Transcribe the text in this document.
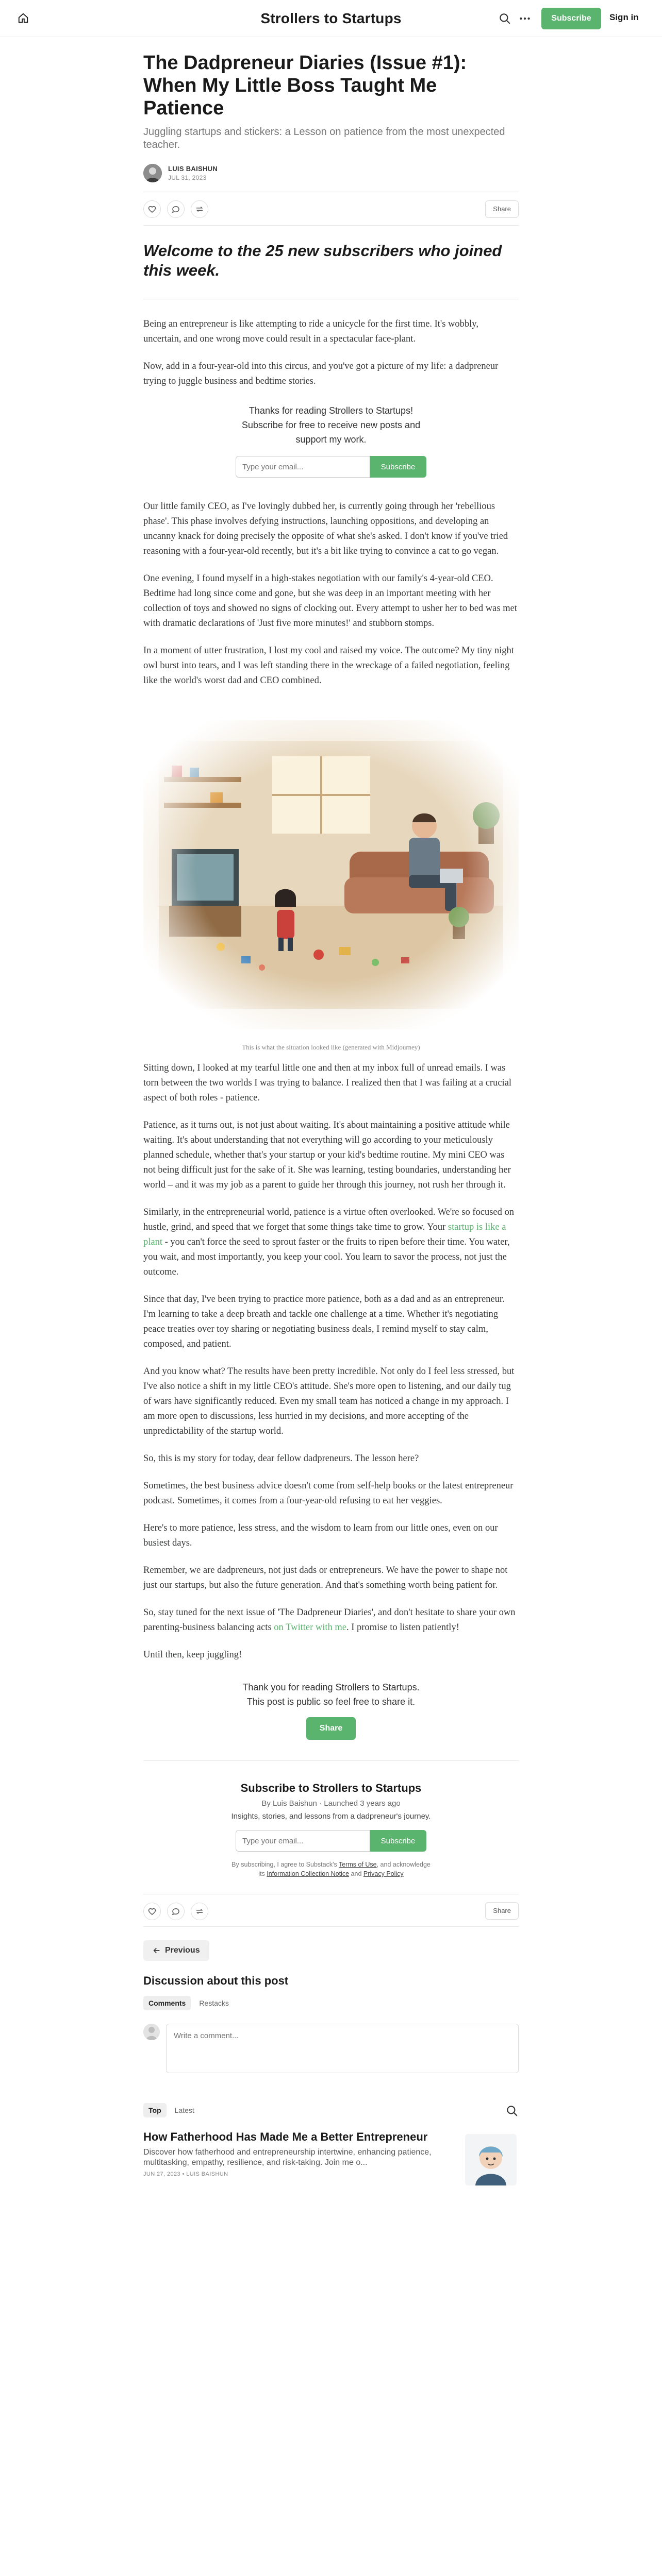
Strollers to Startups	Subscribe	Sign in
The Dadpreneur Diaries (Issue #1): When My Little Boss Taught Me Patience
Juggling startups and stickers: a Lesson on patience from the most unexpected teacher.
LUIS BAISHUN
JUL 31, 2023
Share
Welcome to the 25 new subscribers who joined this week.

Being an entrepreneur is like attempting to ride a unicycle for the first time. It's wobbly, uncertain, and one wrong move could result in a spectacular face-plant.

Now, add in a four-year-old into this circus, and you've got a picture of my life: a dadpreneur trying to juggle business and bedtime stories.

Thanks for reading Strollers to Startups! Subscribe for free to receive new posts and support my work.
Type your email...
Subscribe

Our little family CEO, as I've lovingly dubbed her, is currently going through her 'rebellious phase'. This phase involves defying instructions, launching oppositions, and developing an uncanny knack for doing precisely the opposite of what she's asked. I don't know if you've tried reasoning with a four-year-old recently, but it's a bit like trying to convince a cat to go vegan.

One evening, I found myself in a high-stakes negotiation with our family's 4-year-old CEO. Bedtime had long since come and gone, but she was deep in an important meeting with her collection of toys and showed no signs of clocking out. Every attempt to usher her to bed was met with dramatic declarations of 'Just five more minutes!' and stubborn stomps.

In a moment of utter frustration, I lost my cool and raised my voice. The outcome? My tiny night owl burst into tears, and I was left standing there in the wreckage of a failed negotiation, feeling like the world's worst dad and CEO combined.

This is what the situation looked like (generated with Midjourney)

Sitting down, I looked at my tearful little one and then at my inbox full of unread emails. I was torn between the two worlds I was trying to balance. I realized then that I was failing at a crucial aspect of both roles - patience.

Patience, as it turns out, is not just about waiting. It's about maintaining a positive attitude while waiting. It's about understanding that not everything will go according to your meticulously planned schedule, whether that's your startup or your kid's bedtime routine. My mini CEO was not being difficult just for the sake of it. She was learning, testing boundaries, understanding her world – and it was my job as a parent to guide her through this journey, not rush her through it.

Similarly, in the entrepreneurial world, patience is a virtue often overlooked. We're so focused on hustle, grind, and speed that we forget that some things take time to grow. Your startup is like a plant - you can't force the seed to sprout faster or the fruits to ripen before their time. You water, you wait, and most importantly, you keep your cool. You learn to savor the process, not just the outcome.

Since that day, I've been trying to practice more patience, both as a dad and as an entrepreneur. I'm learning to take a deep breath and tackle one challenge at a time. Whether it's negotiating peace treaties over toy sharing or negotiating business deals, I remind myself to stay calm, composed, and patient.

And you know what? The results have been pretty incredible. Not only do I feel less stressed, but I've also notice a shift in my little CEO's attitude. She's more open to listening, and our daily tug of wars have significantly reduced. Even my small team has noticed a change in my approach. I am more open to discussions, less hurried in my decisions, and more accepting of the unpredictability of the startup world.

So, this is my story for today, dear fellow dadpreneurs. The lesson here?

Sometimes, the best business advice doesn't come from self-help books or the latest entrepreneur podcast. Sometimes, it comes from a four-year-old refusing to eat her veggies.

Here's to more patience, less stress, and the wisdom to learn from our little ones, even on our busiest days.

Remember, we are dadpreneurs, not just dads or entrepreneurs. We have the power to shape not just our startups, but also the future generation. And that's something worth being patient for.

So, stay tuned for the next issue of 'The Dadpreneur Diaries', and don't hesitate to share your own parenting-business balancing acts on Twitter with me. I promise to listen patiently!

Until then, keep juggling!

Thank you for reading Strollers to Startups. This post is public so feel free to share it.
Share
Subscribe to Strollers to Startups
By Luis Baishun · Launched 3 years ago
Insights, stories, and lessons from a dadpreneur's journey.
Type your email...
Subscribe
By subscribing, I agree to Substack's Terms of Use, and acknowledge its Information Collection Notice and Privacy Policy
Share
Previous
Discussion about this post
Comments	Restacks
Write a comment...
Top	Latest
How Fatherhood Has Made Me a Better Entrepreneur
Discover how fatherhood and entrepreneurship intertwine, enhancing patience, multitasking, empathy, resilience, and risk-taking. Join me o...
JUN 27, 2023 • LUIS BAISHUN
